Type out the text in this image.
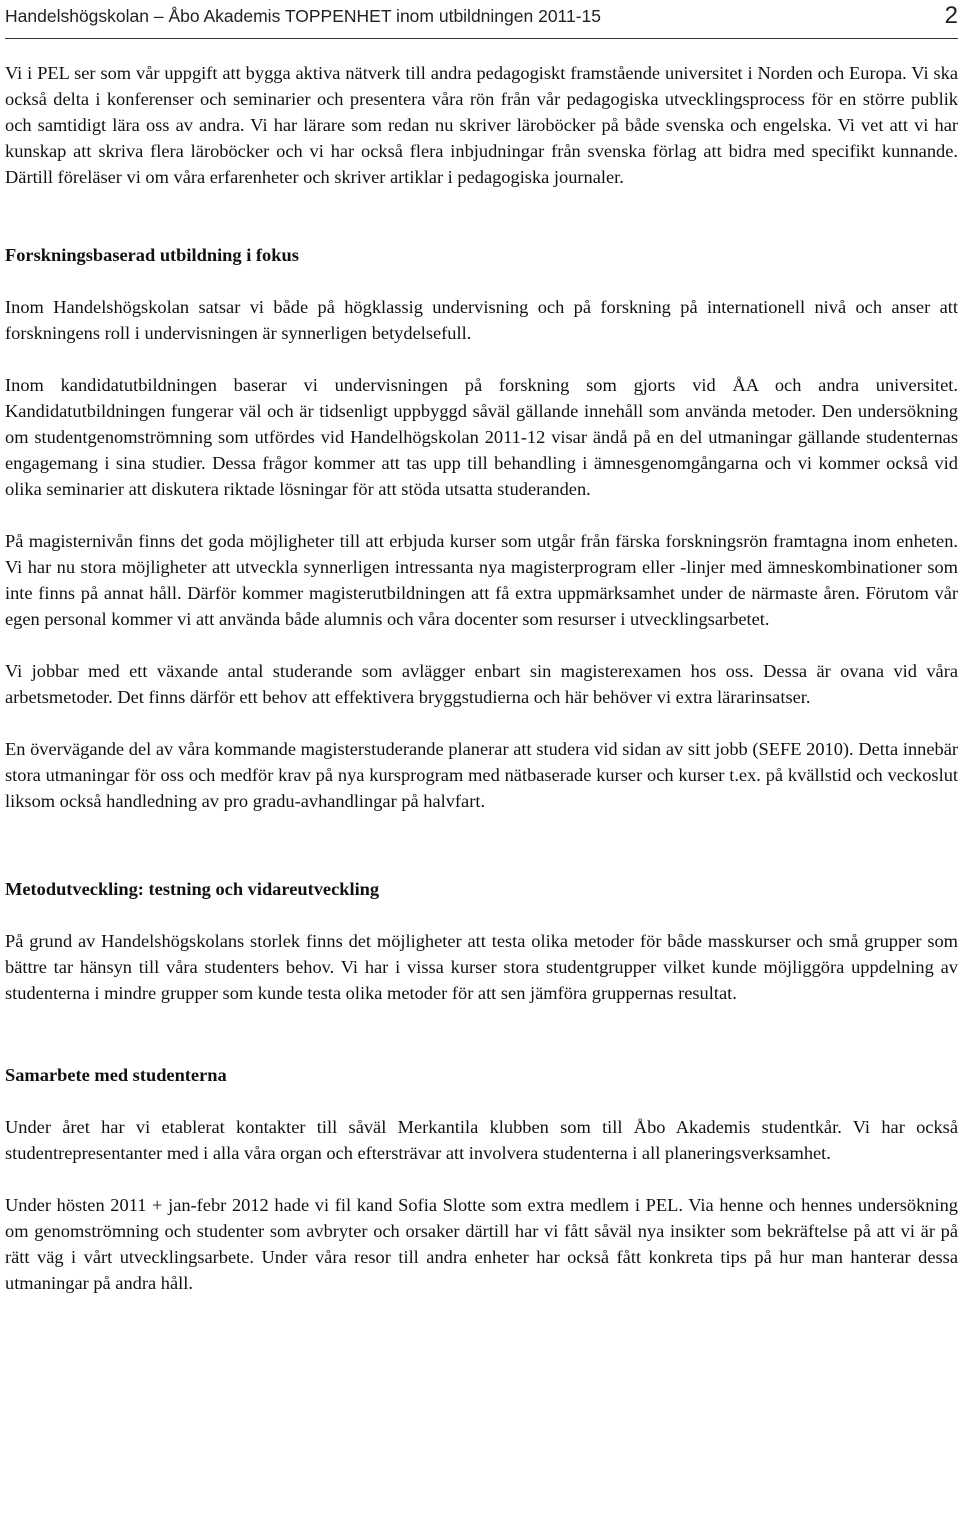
Handelshögskolan – Åbo Akademis TOPPENHET inom utbildningen 2011-15	2

Vi i PEL ser som vår uppgift att bygga aktiva nätverk till andra pedagogiskt framstående universitet i Norden och Europa. Vi ska också delta i konferenser och seminarier och presentera våra rön från vår pedagogiska utvecklingsprocess för en större publik och samtidigt lära oss av andra. Vi har lärare som redan nu skriver läroböcker på både svenska och engelska. Vi vet att vi har kunskap att skriva flera läroböcker och vi har också flera inbjudningar från svenska förlag att bidra med specifikt kunnande. Därtill föreläser vi om våra erfarenheter och skriver artiklar i pedagogiska journaler.

Forskningsbaserad utbildning i fokus

Inom Handelshögskolan satsar vi både på högklassig undervisning och på forskning på internationell nivå och anser att forskningens roll i undervisningen är synnerligen betydelsefull.

Inom kandidatutbildningen baserar vi undervisningen på forskning som gjorts vid ÅA och andra universitet. Kandidatutbildningen fungerar väl och är tidsenligt uppbyggd såväl gällande innehåll som använda metoder. Den undersökning om studentgenomströmning som utfördes vid Handelhögskolan 2011-12 visar ändå på en del utmaningar gällande studenternas engagemang i sina studier. Dessa frågor kommer att tas upp till behandling i ämnesgenomgångarna och vi kommer också vid olika seminarier att diskutera riktade lösningar för att stöda utsatta studeranden.

På magisternivån finns det goda möjligheter till att erbjuda kurser som utgår från färska forskningsrön framtagna inom enheten. Vi har nu stora möjligheter att utveckla synnerligen intressanta nya magisterprogram eller -linjer med ämneskombinationer som inte finns på annat håll. Därför kommer magisterutbildningen att få extra uppmärksamhet under de närmaste åren. Förutom vår egen personal kommer vi att använda både alumnis och våra docenter som resurser i utvecklingsarbetet.

Vi jobbar med ett växande antal studerande som avlägger enbart sin magisterexamen hos oss. Dessa är ovana vid våra arbetsmetoder. Det finns därför ett behov att effektivera bryggstudierna och här behöver vi extra lärarinsatser.

En övervägande del av våra kommande magisterstuderande planerar att studera vid sidan av sitt jobb (SEFE 2010). Detta innebär stora utmaningar för oss och medför krav på nya kursprogram med nätbaserade kurser och kurser t.ex. på kvällstid och veckoslut liksom också handledning av pro gradu-avhandlingar på halvfart.

Metodutveckling: testning och vidareutveckling

På grund av Handelshögskolans storlek finns det möjligheter att testa olika metoder för både masskurser och små grupper som bättre tar hänsyn till våra studenters behov. Vi har i vissa kurser stora studentgrupper vilket kunde möjliggöra uppdelning av studenterna i mindre grupper som kunde testa olika metoder för att sen jämföra gruppernas resultat.

Samarbete med studenterna

Under året har vi etablerat kontakter till såväl Merkantila klubben som till Åbo Akademis studentkår. Vi har också studentrepresentanter med i alla våra organ och eftersträvar att involvera studenterna i all planeringsverksamhet.

Under hösten 2011 + jan-febr 2012 hade vi fil kand Sofia Slotte som extra medlem i PEL. Via henne och hennes undersökning om genomströmning och studenter som avbryter och orsaker därtill har vi fått såväl nya insikter som bekräftelse på att vi är på rätt väg i vårt utvecklingsarbete. Under våra resor till andra enheter har också fått konkreta tips på hur man hanterar dessa utmaningar på andra håll.
